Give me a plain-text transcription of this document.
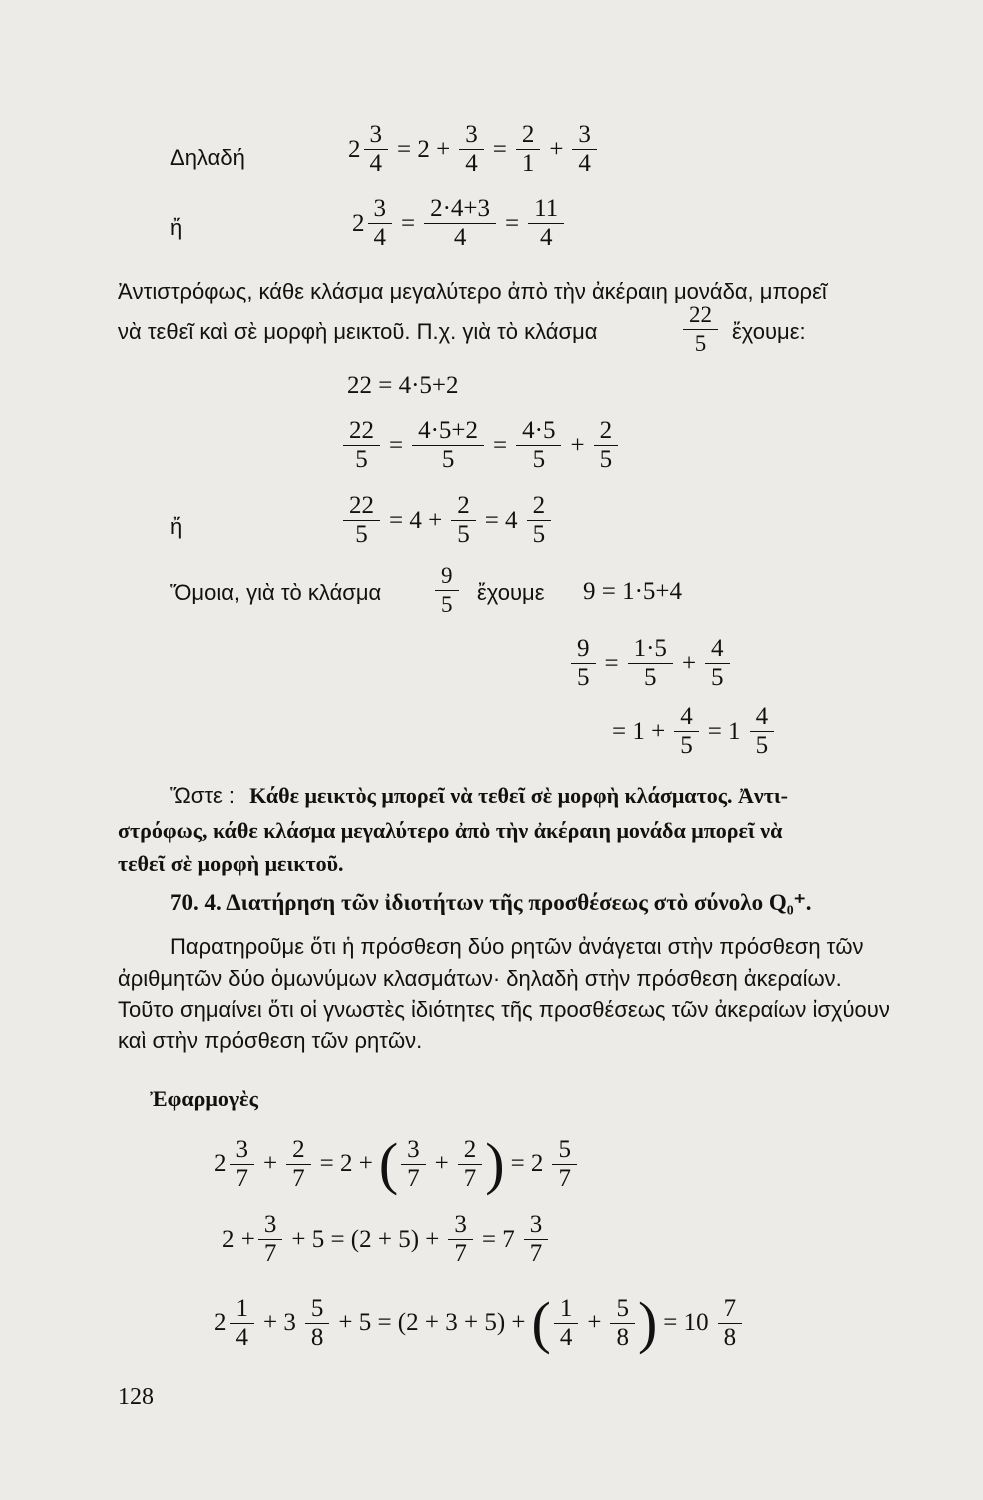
Δηλαδή	$2 \frac{3}{4} = 2 + \frac{3}{4} = \frac{2}{1} + \frac{3}{4}$
ἤ	$2 \frac{3}{4} = \frac{2\cdot 4+3}{4} = \frac{11}{4}$
Ἀντιστρόφως, κάθε κλάσμα μεγαλύτερο ἀπὸ τὴν ἀκέραιη μονάδα, μπορεῖ
νὰ τεθεῖ καὶ σὲ μορφὴ μεικτοῦ. Π.χ. γιὰ τὸ κλάσμα	$\frac{22}{5}$ ἔχουμε:
22 = 4·5+2
$\frac{22}{5} = \frac{4\cdot 5+2}{5} = \frac{4\cdot 5}{5} + \frac{2}{5}$
ἤ	$\frac{22}{5} = 4 + \frac{2}{5} = 4 \frac{2}{5}$
Ὅμοια, γιὰ τὸ κλάσμα $\frac{9}{5}$ ἔχουμε 9 = 1·5+4
$\frac{9}{5} = \frac{1\cdot 5}{5} + \frac{4}{5}$
= $1 + \frac{4}{5} = 1 \frac{4}{5}$
Ὥστε : Κάθε μεικτὸς μπορεῖ νὰ τεθεῖ σὲ μορφὴ κλάσματος. Ἀντι-
στρόφως, κάθε κλάσμα μεγαλύτερο ἀπὸ τὴν ἀκέραιη μονάδα μπορεῖ νὰ
τεθεῖ σὲ μορφὴ μεικτοῦ.
70. 4. Διατήρηση τῶν ἰδιοτήτων τῆς προσθέσεως στὸ σύνολο Q₀⁺.
Παρατηροῦμε ὅτι ἡ πρόσθεση δύο ρητῶν ἀνάγεται στὴν πρόσθεση τῶν
ἀριθμητῶν δύο ὁμωνύμων κλασμάτων· δηλαδὴ στὴν πρόσθεση ἀκεραίων.
Τοῦτο σημαίνει ὅτι οἱ γνωστὲς ἰδιότητες τῆς προσθέσεως τῶν ἀκεραίων ἰσχύουν
καὶ στὴν πρόσθεση τῶν ρητῶν.
Ἐφαρμογὲς
$2 \frac{3}{7} + \frac{2}{7} = 2$ + ( $\frac{3}{7} + \frac{2}{7}$ ) = $2 \frac{5}{7}$
$2 + \frac{3}{7} + 5 = (2 + 5) + \frac{3}{7} = 7 \frac{3}{7}$
$2 \frac{1}{4} + 3 \frac{5}{8} + 5 = (2 + 3 + 5)$ + ( $\frac{1}{4} + \frac{5}{8}$ ) = $10 \frac{7}{8}$
128
